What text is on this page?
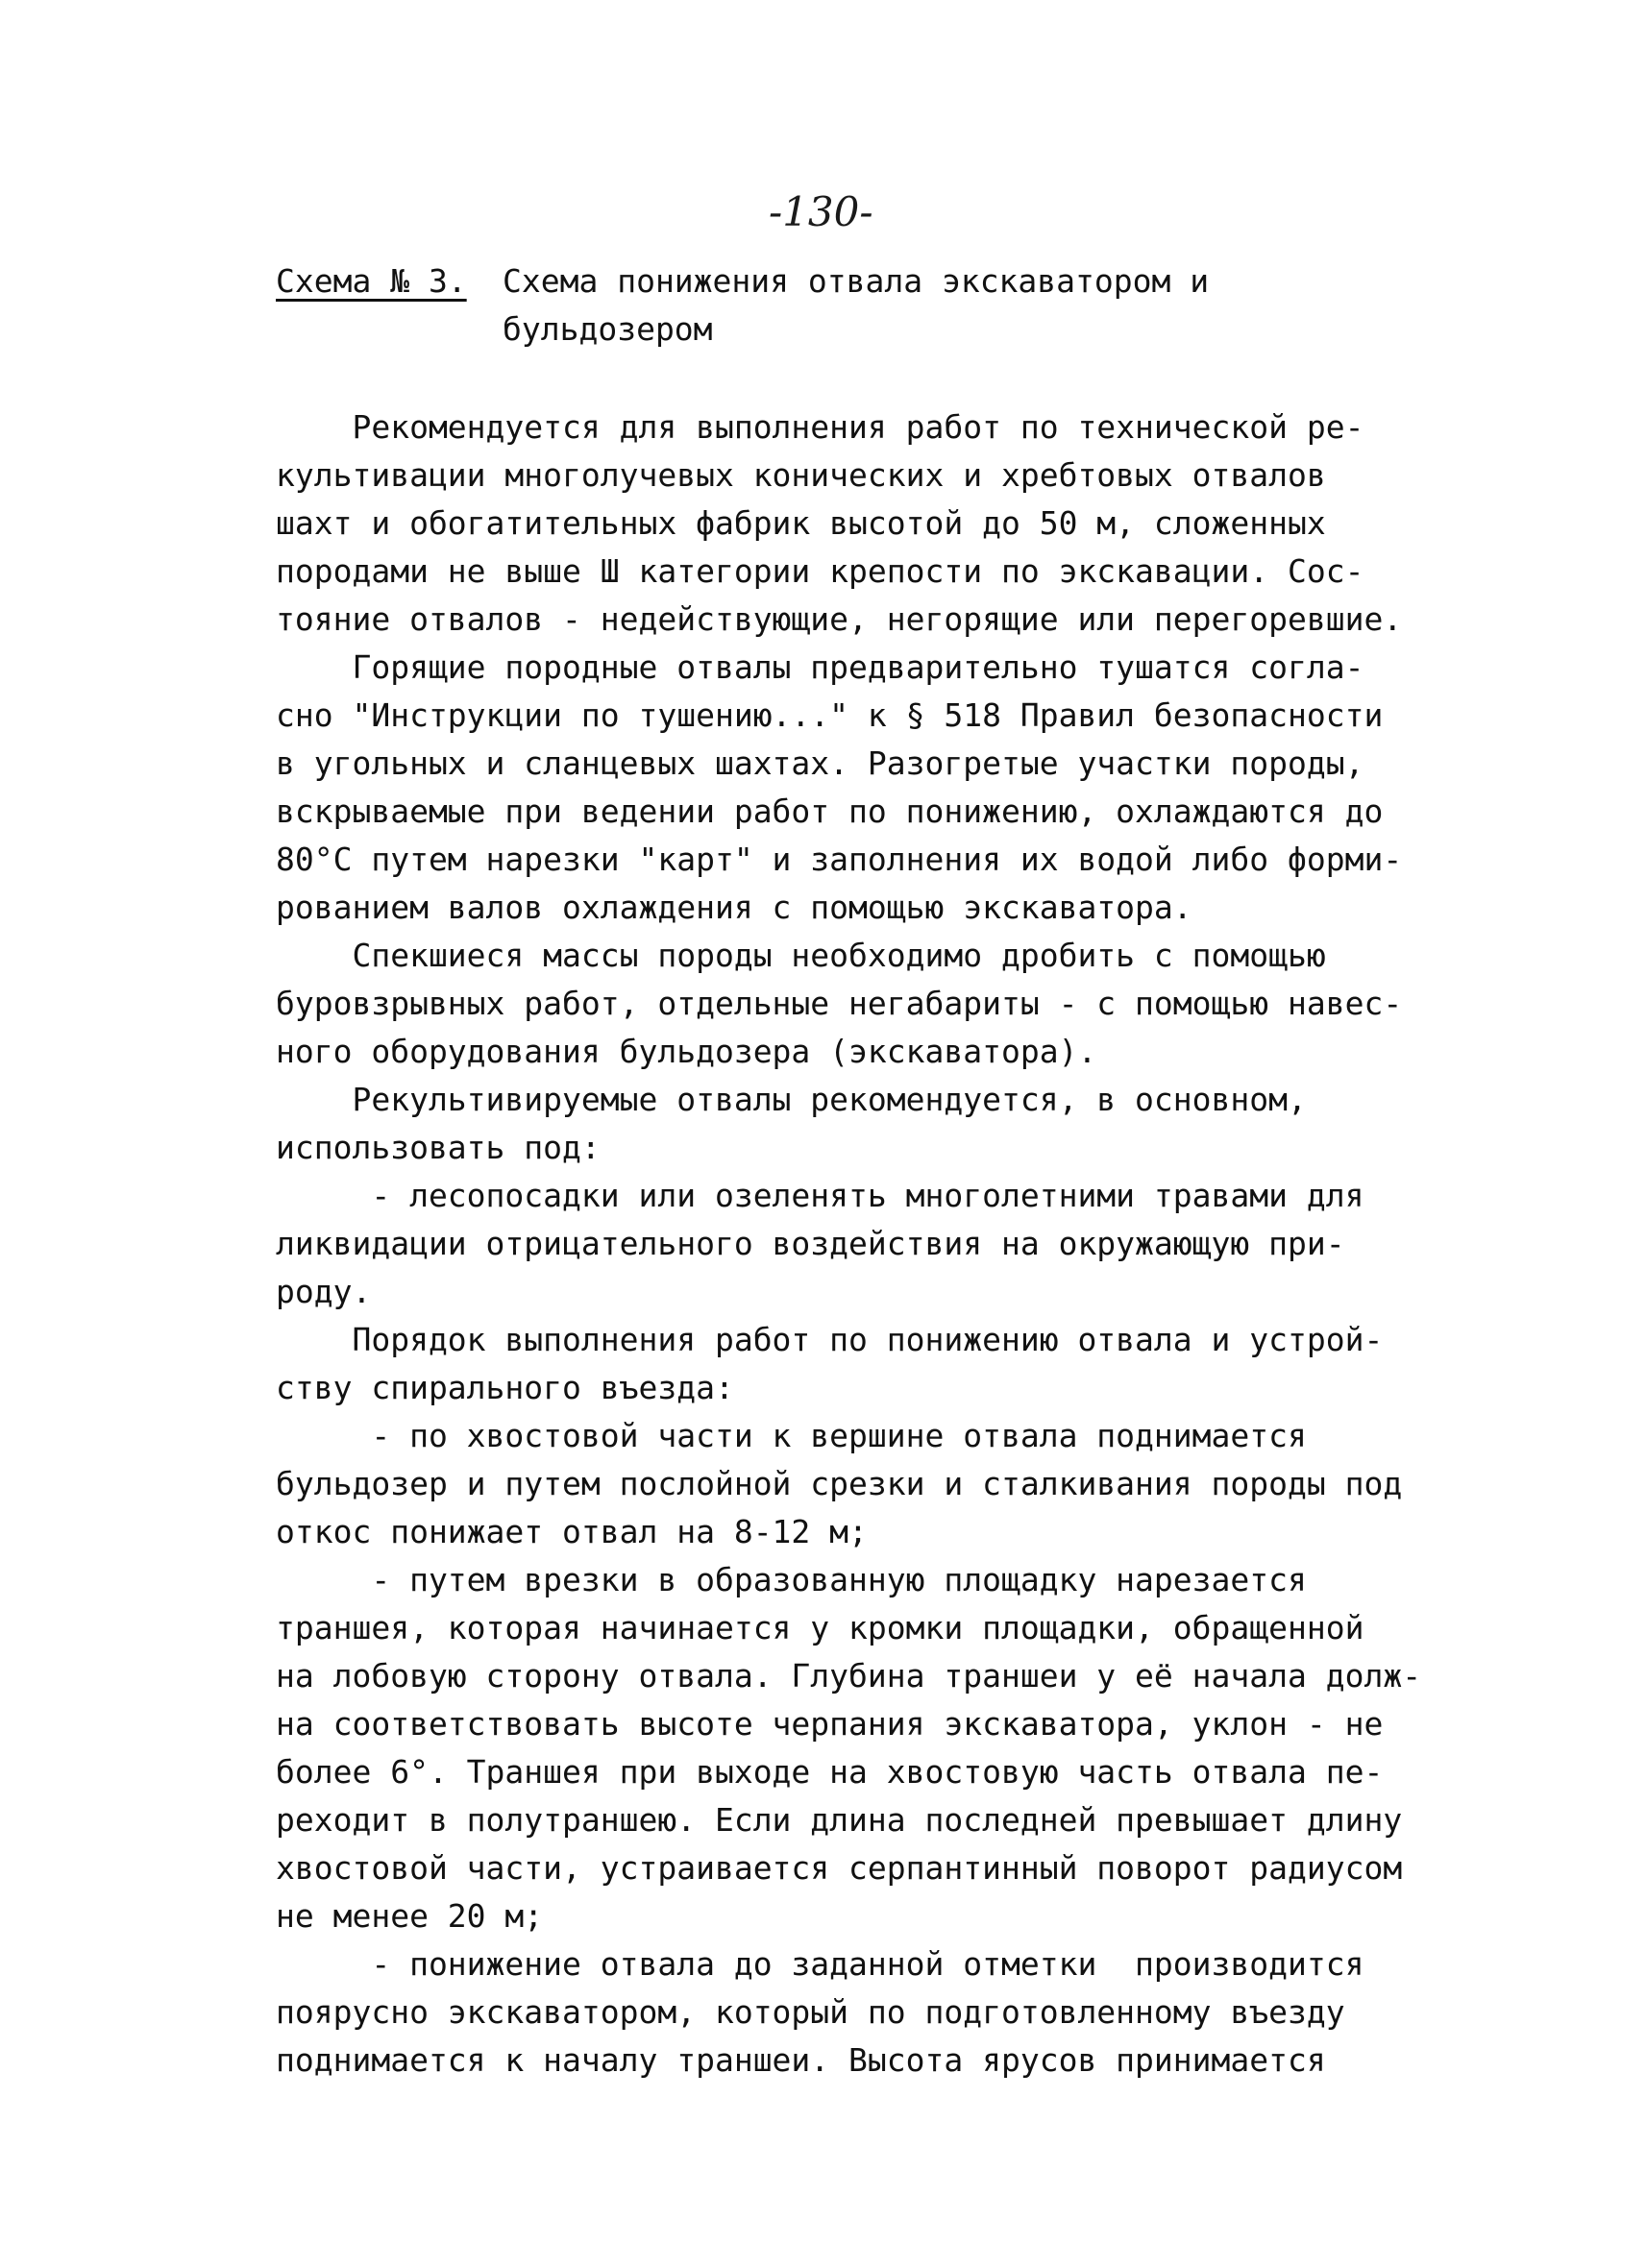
-130-
Схема № 3. Схема понижения отвала экскаватором и
бульдозером
Рекомендуется для выполнения работ по технической ре-
культивации многолучевых конических и хребтовых отвалов
шахт и обогатительных фабрик высотой до 50 м, сложенных
породами не выше Ш категории крепости по экскавации. Сос-
тояние отвалов - недействующие, негорящие или перегоревшие.
Горящие породные отвалы предварительно тушатся согла-
сно "Инструкции по тушению..." к § 518 Правил безопасности
в угольных и сланцевых шахтах. Разогретые участки породы,
вскрываемые при ведении работ по понижению, охлаждаются до
80°С путем нарезки "карт" и заполнения их водой либо форми-
рованием валов охлаждения с помощью экскаватора.
Спекшиеся массы породы необходимо дробить с помощью
буровзрывных работ, отдельные негабариты - с помощью навес-
ного оборудования бульдозера (экскаватора).
Рекультивируемые отвалы рекомендуется, в основном,
использовать под:
- лесопосадки или озеленять многолетними травами для
ликвидации отрицательного воздействия на окружающую при-
роду.
Порядок выполнения работ по понижению отвала и устрой-
ству спирального въезда:
- по хвостовой части к вершине отвала поднимается
бульдозер и путем послойной срезки и сталкивания породы под
откос понижает отвал на 8-12 м;
- путем врезки в образованную площадку нарезается
траншея, которая начинается у кромки площадки, обращенной
на лобовую сторону отвала. Глубина траншеи у её начала долж-
на соответствовать высоте черпания экскаватора, уклон - не
более 6°. Траншея при выходе на хвостовую часть отвала пе-
реходит в полутраншею. Если длина последней превышает длину
хвостовой части, устраивается серпантинный поворот радиусом
не менее 20 м;
- понижение отвала до заданной отметки  производится
поярусно экскаватором, который по подготовленному въезду
поднимается к началу траншеи. Высота ярусов принимается
